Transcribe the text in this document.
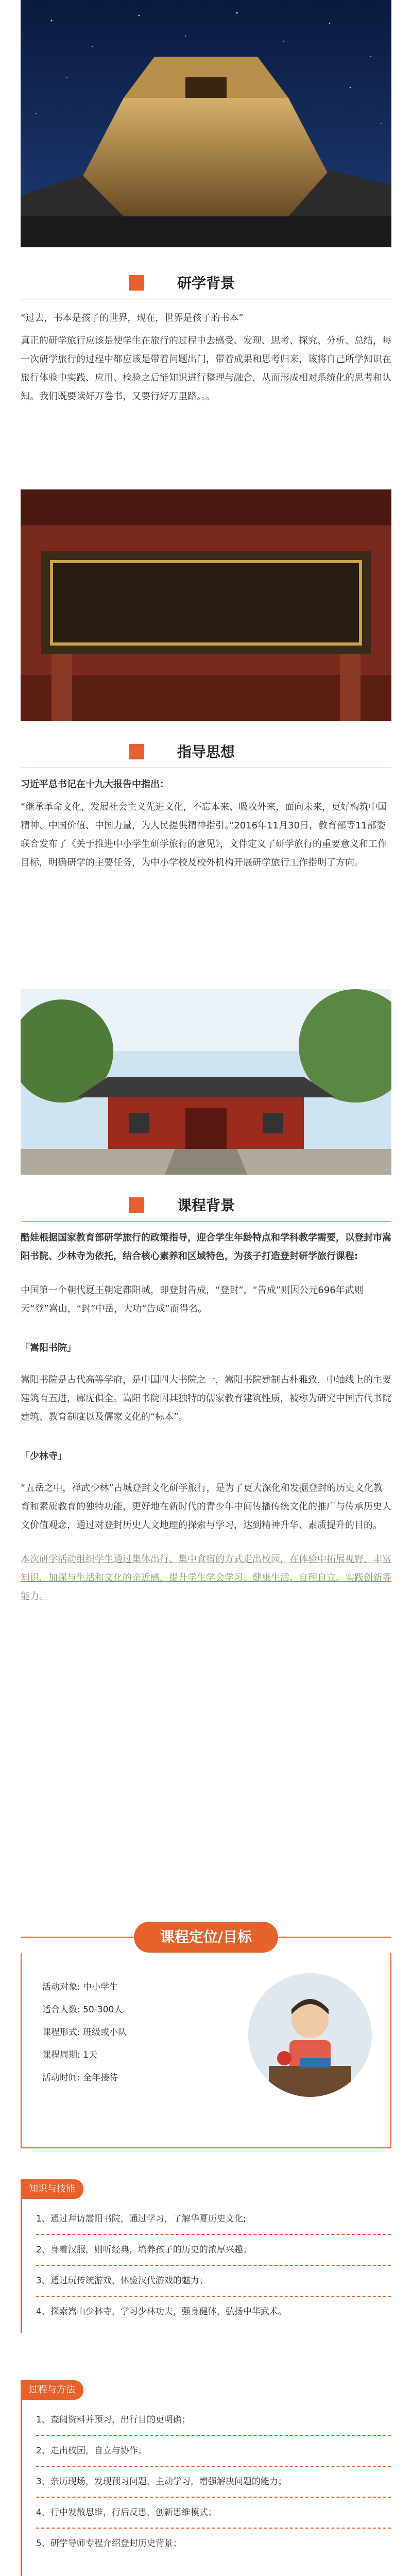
研学背景

“过去，书本是孩子的世界，现在，世界是孩子的书本”

真正的研学旅行应该是使学生在旅行的过程中去感受、发现、思考、探究、分析、总结，每一次研学旅行的过程中都应该是带着问题出门，带着成果和思考归来，该将自己所学知识在旅行体验中实践、应用、检验之后能知识进行整理与融合，从而形成相对系统化的思考和认知。我们既要读好万卷书，又要行好万里路。。。

指导思想

习近平总书记在十九大报告中指出：

“继承革命文化，发展社会主义先进文化，不忘本来、吸收外来，面向未来，更好构筑中国精神、中国价值、中国力量，为人民提供精神指引。”2016年11月30日，教育部等11部委联合发布了《关于推进中小学生研学旅行的意见》，文件定义了研学旅行的重要意义和工作目标，明确研学的主要任务，为中小学校及校外机构开展研学旅行工作指明了方向。

课程背景

酷娃根据国家教育部研学旅行的政策指导，迎合学生年龄特点和学科教学需要，以登封市嵩阳书院、少林寺为依托，结合核心素养和区域特色，为孩子打造登封研学旅行课程:

中国第一个朝代夏王朝定都阳城，即登封告成，“登封”，“告成”则因公元696年武则天“登”嵩山，“封”中岳，大功“告成”而得名。

「嵩阳书院」

嵩阳书院是古代高等学府，是中国四大书院之一，嵩阳书院建制古朴雅致，中轴线上的主要建筑有五进，廊庑俱全。嵩阳书院因其独特的儒家教育建筑性质，被称为研究中国古代书院建筑、教育制度以及儒家文化的“标本”。

「少林寺」

“五岳之中，禅武少林”古城登封文化研学旅行，是为了更大深化和发掘登封的历史文化教育和素质教育的独特功能，更好地在新时代的青少年中间传播传统文化的推广与传承历史人文价值观念，通过对登封历史人文地理的探索与学习，达到精神升华、素质提升的目的。

本次研学活动组织学生通过集体出行、集中食宿的方式走出校园，在体验中拓展视野，丰富知识，加深与生活和文化的亲近感，提升学生学会学习、健康生活、自理自立、实践创新等能力。

课程定位/目标
活动对象: 中小学生
适合人数: 50-300人
课程形式: 班级或小队
课程周期: 1天
活动时间: 全年接待
知识与技能

1、通过拜访嵩阳书院，通过学习，了解华夏历史文化;

2、身着汉服，则听经典，培养孩子的历史的浓厚兴趣；

3、通过玩传统游戏，体验汉代游戏的魅力；

4、探索嵩山少林寺，学习少林功夫，强身健体，弘扬中华武术。

过程与方法

1、查阅资料并预习，出行目的更明确；

2、走出校园，自立与协作；

3、亲历现场，发现预习问题，主动学习，增强解决问题的能力；

4、行中发散思维，行后反思，创新思维模式；

5、研学导师专程介绍登封历史背景；
